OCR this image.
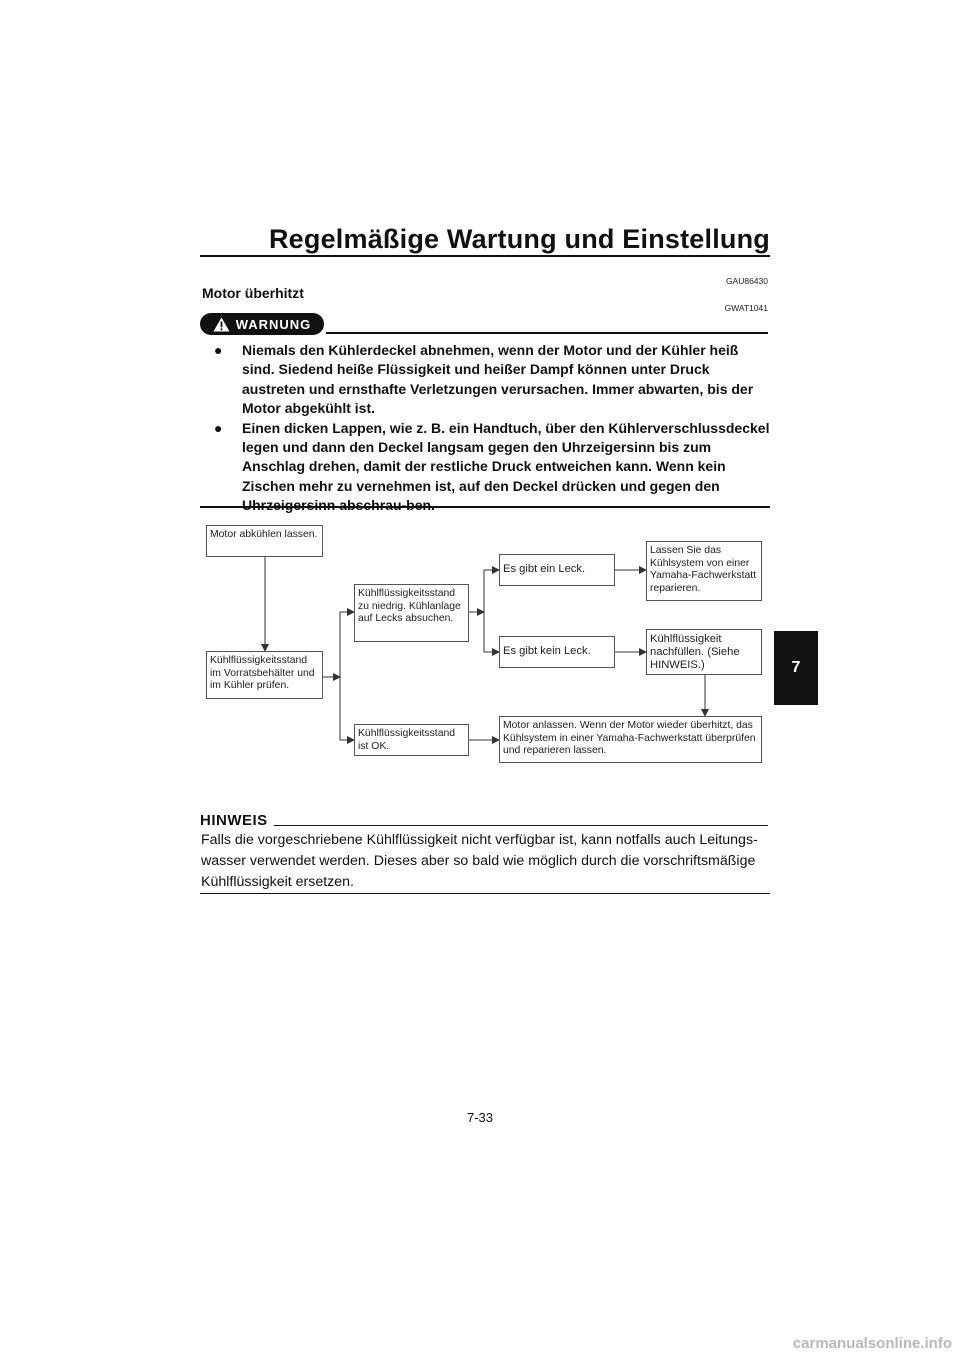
Regelmäßige Wartung und Einstellung
GAU86430
Motor überhitzt
GWAT1041
WARNUNG
● Niemals den Kühlerdeckel abnehmen, wenn der Motor und der Kühler heiß sind. Siedend heiße Flüssigkeit und heißer Dampf können unter Druck austreten und ernsthafte Verletzungen verursachen. Immer abwarten, bis der Motor abgekühlt ist.
● Einen dicken Lappen, wie z. B. ein Handtuch, über den Kühlerverschlussdeckel legen und dann den Deckel langsam gegen den Uhrzeigersinn bis zum Anschlag drehen, damit der restliche Druck entweichen kann. Wenn kein Zischen mehr zu vernehmen ist, auf den Deckel drücken und gegen den
Motor abkühlen lassen.
Kühlflüssigkeitsstand im Vorratsbehälter und im Kühler prüfen.
Kühlflüssigkeitsstand zu niedrig. Kühlanlage auf Lecks absuchen.
Kühlflüssigkeitsstand ist OK.
Es gibt ein Leck.
Es gibt kein Leck.
Lassen Sie das Kühlsystem von einer Yamaha-Fachwerkstatt reparieren.
Kühlflüssigkeit nachfüllen. (Siehe HINWEIS.)
Motor anlassen. Wenn der Motor wieder überhitzt, das Kühlsystem in einer Yamaha-Fachwerkstatt überprüfen und reparieren lassen.
HINWEIS
Falls die vorgeschriebene Kühlflüssigkeit nicht verfügbar ist, kann notfalls auch Leitungs-wasser verwendet werden. Dieses aber so bald wie möglich durch die vorschriftsmäßige Kühlflüssigkeit ersetzen.
7-33
7
carmanualsonline.info
